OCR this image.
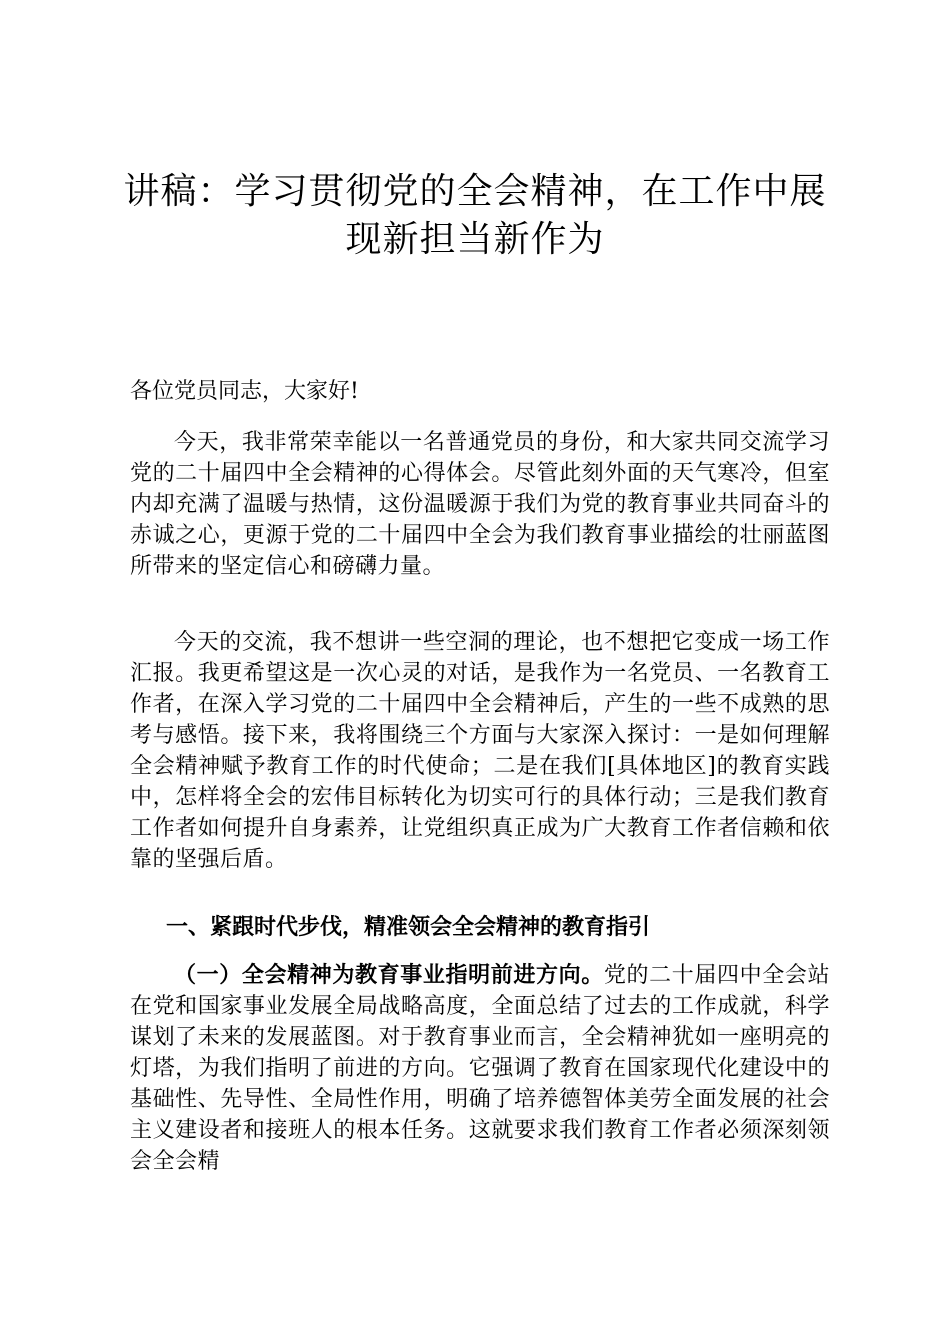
讲稿：学习贯彻党的全会精神，在工作中展现新担当新作为

各位党员同志，大家好!

今天，我非常荣幸能以一名普通党员的身份，和大家共同交流学习党的二十届四中全会精神的心得体会。尽管此刻外面的天气寒冷，但室内却充满了温暖与热情，这份温暖源于我们为党的教育事业共同奋斗的赤诚之心，更源于党的二十届四中全会为我们教育事业描绘的壮丽蓝图所带来的坚定信心和磅礴力量。

今天的交流，我不想讲一些空洞的理论，也不想把它变成一场工作汇报。我更希望这是一次心灵的对话，是我作为一名党员、一名教育工作者，在深入学习党的二十届四中全会精神后，产生的一些不成熟的思考与感悟。接下来，我将围绕三个方面与大家深入探讨：一是如何理解全会精神赋予教育工作的时代使命；二是在我们[具体地区]的教育实践中，怎样将全会的宏伟目标转化为切实可行的具体行动；三是我们教育工作者如何提升自身素养，让党组织真正成为广大教育工作者信赖和依靠的坚强后盾。

一、紧跟时代步伐，精准领会全会精神的教育指引

（一）全会精神为教育事业指明前进方向。党的二十届四中全会站在党和国家事业发展全局战略高度，全面总结了过去的工作成就，科学谋划了未来的发展蓝图。对于教育事业而言，全会精神犹如一座明亮的灯塔，为我们指明了前进的方向。它强调了教育在国家现代化建设中的基础性、先导性、全局性作用，明确了培养德智体美劳全面发展的社会主义建设者和接班人的根本任务。这就要求我们教育工作者必须深刻领会全会精
